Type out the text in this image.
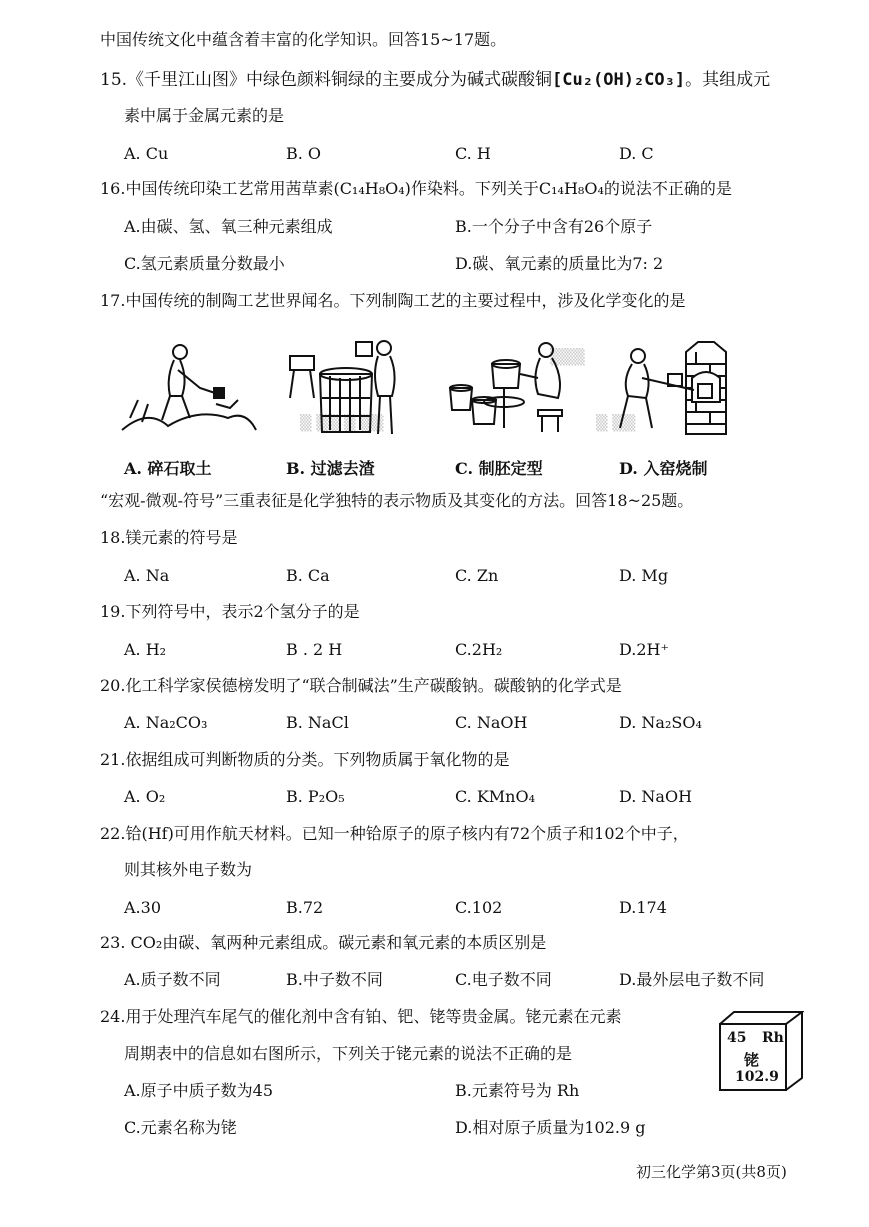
中国传统文化中蕴含着丰富的化学知识。回答15~17题。
15.《千里江山图》中绿色颜料铜绿的主要成分为碱式碳酸铜[Cu₂(OH)₂CO₃]。其组成元
素中属于金属元素的是
A. Cu	B. O	C. H	D. C
16.中国传统印染工艺常用茜草素(C₁₄H₈O₄)作染料。下列关于C₁₄H₈O₄的说法不正确的是
A.由碳、氢、氧三种元素组成	B.一个分子中含有26个原子
C.氢元素质量分数最小	D.碳、氧元素的质量比为7: 2
17.中国传统的制陶工艺世界闻名。下列制陶工艺的主要过程中，涉及化学变化的是
▒▒▒
▒ ▒▒ ▒ ▒▒	▒ ▒▒
A. 碎石取土	B. 过滤去渣	C. 制胚定型	D. 入窑烧制
“宏观-微观-符号”三重表征是化学独特的表示物质及其变化的方法。回答18~25题。
18.镁元素的符号是
A. Na	B. Ca	C. Zn	D. Mg
19.下列符号中，表示2个氢分子的是
A. H₂	B . 2 H	C.2H₂	D.2H⁺
20.化工科学家侯德榜发明了“联合制碱法”生产碳酸钠。碳酸钠的化学式是
A. Na₂CO₃	B. NaCl	C. NaOH	D. Na₂SO₄
21.依据组成可判断物质的分类。下列物质属于氧化物的是
A. O₂	B. P₂O₅	C. KMnO₄	D. NaOH
22.铪(Hf)可用作航天材料。已知一种铪原子的原子核内有72个质子和102个中子，
则其核外电子数为
A.30	B.72	C.102	D.174
23. CO₂由碳、氧两种元素组成。碳元素和氧元素的本质区别是
A.质子数不同	B.中子数不同	C.电子数不同	D.最外层电子数不同
24.用于处理汽车尾气的催化剂中含有铂、钯、铑等贵金属。铑元素在元素
周期表中的信息如右图所示，下列关于铑元素的说法不正确的是
A.原子中质子数为45	B.元素符号为 Rh
C.元素名称为铑	D.相对原子质量为102.9 g
45 Rh
铑
102.9
初三化学第3页(共8页)
